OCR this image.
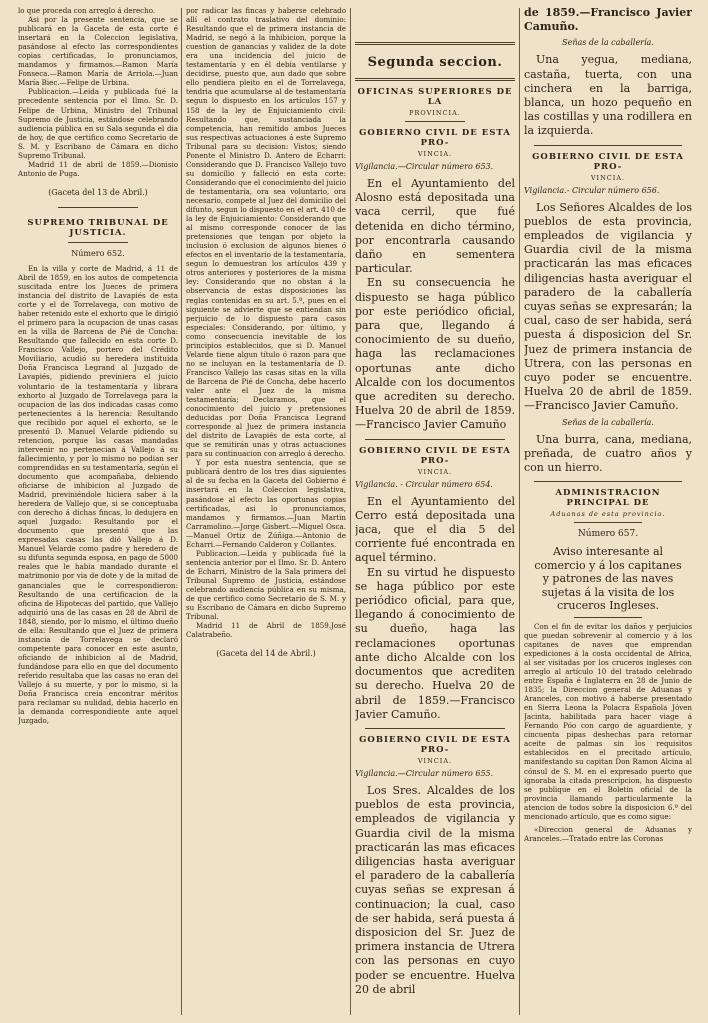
lo que proceda con arreglo á derecho.

Asi por la presente sentencia, que se publicará en la Gaceta de esta corte é insertará en la Coleccion legislativa, pasándose al efecto las correspondientes copias certificadas, lo pronunciamos, mandamos y firmamos.—Ramon María Fonseca.—Ramon María de Arriola.—Juan María Biec.—Felipe de Urbina.

Publicacion.—Leida y publicada fué la precedente sentencia por el Ilmo. Sr. D. Felipe de Urbina, Ministro del Tribunal Supremo de Justicia, estándose celebrando audiencia pública en su Sala segunda el dia de hoy, de que certifico como Secretario de S. M. y Escribano de Cámara en dicho Supremo Tribunal.

Madrid 11 de abril de 1859.—Dionisio Antonio de Puga.

(Gaceta del 13 de Abril.)
SUPREMO TRIBUNAL DE JUSTICIA.
Número 652.

En la villa y corte de Madrid, á 11 de Abril de 1859, en los autos de competencia suscitada entre los Jueces de primera instancia del distrito de Lavapiés de esta corte y el de Torrelavega, con motivo de haber retenido este el exhorto que le dirigió el primero para la ocupacion de unas casas en la villa de Barcena de Pié de Concha: Resultando que fallecido en esta corte D. Francisco Vallejo, portero del Crédito Moviliario, acudió su heredera instituida Doña Francisca Legrand al Juzgado de Lavapiés, pidiendo previniera el juicio voluntario de la testamentaría y librara exhorto al Juzgado de Torrelavega para la ocupacion de las dos indicadas casas como pertenecientes á la herencia: Resultando que recibido por aquel el exhorto, se le presentó D. Manuel Velarde pidiendo su retencion, porque las casas mandadas intervenir no pertenecian á Vallejo á su fallecimiento, y por lo mismo no podian ser comprendidas en su testamentaría, según el documento que acompañaba, debiendo oficiarse de inhibicion al Juzgado de Madrid, previniéndole hiciera saber á la heredera de Vallejo que, si se conceptuaba con derecho á dichas fincas, lo dedujera en aquel Juzgado: Resultando por el documento que presentó que las expresadas casas las dió Vallejo á D. Manuel Velarde como padre y heredero de su difunta segunda esposa, en pago de 5000 reales que le habia mandado durante el matrimonio por via de dote y de la mitad de gananciales que le correspondieron: Resultando de una certificacion de la oficina de Hipotecas del partido, que Vallejo adquirió una de las casas en 28 de Abril de 1848, siendo, por lo mismo, el último dueño de ella: Resultando que el Juez de primera instancia de Torrelavega se declaró competente para conocer en este asunto, oficiando de inhibicion al de Madrid, fundándose para ello en que del documento referido resultaba que las casas no eran del Vallejo á su muerte, y por lo mismo, si la Doña Francisca creia encontrar méritos para reclamar su nulidad, debia hacerlo en la demanda correspondiente ante aquel Juzgado,

por radicar las fincas y haberse celebrado allí el contrato traslativo del dominio: Resultando que el de primera instancia de Madrid, se negó á la inhibicion, porque la cuestion de ganancias y validez de la dote era una incidencia del juicio de testamentaría y en él debia ventilarse y decidirse, puesto que, aun dado que sobre ello pendiera pleito en el de Torrelavega, tendria que acumularse al de testamentaría segun lo dispuesto en los artículos 157 y 158 de la ley de Enjuiciamiento civil: Resultando que, sustanciada la competencia, han remitido ambos Jueces sus respectivas actuaciones á este Supremo Tribunal para su decision: Vistos; siendo Ponente el Ministro D. Antero de Echarri: Considerando que D. Francisco Vallejo tuvo su domicilio y falleció en esta corte: Considerando que el conocimiento del juicio de testamentaría, ora sea voluntario, ora necesario, compete al Juez del domicilio del difunto, segun lo dispuesto en el art. 410 de la ley de Enjuiciamiento: Considerando que al mismo corresponde conocer de las pretensiones que tengan por objeto la inclusion ó exclusion de algunos bienes ó efectos en el inventario de la testamentaría, segun lo demuestran los artículos 439 y otros anteriores y posteriores de la misma ley: Considerando que no obstan á la observancia de estas disposiciones las reglas contenidas en su art. 5.º, pues en el siguiente se advierte que se entiendan sin perjuicio de lo dispuesto para casos especiales: Considerando, por último, y como consecuencia inevitable de los principios establecidos, que si D. Manuel Velarde tiene algun título ó razon para que no se incluyan en la testamentaría de D. Francisco Vallejo las casas sitas en la villa de Barcena de Pié de Concha, debe hacerlo valer ante el Juez de la misma testamentaría; Declaramos, que el conocimiento del juicio y pretensiones deducidas por Doña Francisca Legrand corresponde al Juez de primera instancia del distrito de Lavapiés de esta corte, al que se remitirán unas y otras actuaciones para su continuacion con arreglo á derecho.

Y por esta nuestra sentencia, que se publicará dentro de los tres dias siguientes al de su fecha en la Gaceta del Gobierno é insertará en la Coleccion legislativa, pasándose al efecto las oportunas copias certificadas, asi lo pronunciamos, mandamos y firmamos.—Juan Martin Carramolino.—Jorge Gisbert.—Miguel Osca.—Manuel Ortiz de Zúñiga.—Antonio de Echarri.—Fernando Calderon y Collantes.

Publicacion.—Leida y publicada fué la sentencia anterior por el Ilmo. Sr. D. Antero de Echarri, Ministro de la Sala primera del Tribunal Supremo de Justicia, estándose celebrando audiencia pública en su misma, de que certifico como Secretario de S. M. y su Escribano de Cámara en dicho Supremo Tribunal.

Madrid 11 de Abril de 1859.José Calatrabeño.

(Gaceta del 14 de Abril.)
Segunda seccion.
OFICINAS SUPERIORES DE LA
PROVINCIA.
GOBIERNO CIVIL DE ESTA PRO-
VINCIA.
Vigilancia.—Circular número 653.

En el Ayuntamiento del Alosno está depositada una vaca cerril, que fué detenida en dicho término, por encontrarla causando daño en sementera particular.

En su consecuencia he dispuesto se haga público por este periódico oficial, para que, llegando á conocimiento de su dueño, haga las reclamaciones oportunas ante dicho Alcalde con los documentos que acrediten su derecho. Huelva 20 de abril de 1859.—Francisco Javier Camuño

GOBIERNO CIVIL DE ESTA PRO-
VINCIA.
Vigilancia. - Circular número 654.

En el Ayuntamiento del Cerro está depositada una jaca, que el dia 5 del corriente fué encontrada en aquel término.

En su virtud he dispuesto se haga público por este periódico oficial, para que, llegando á conocimiento de su dueño, haga las reclamaciones oportunas ante dicho Alcalde con los documentos que acrediten su derecho. Huelva 20 de abril de 1859.—Francisco Javier Camuño.

GOBIERNO CIVIL DE ESTA PRO-
VINCIA.
Vigilancia.—Circular número 655.

Los Sres. Alcaldes de los pueblos de esta provincia, empleados de vigilancia y Guardia civil de la misma practicarán las mas eficaces diligencias hasta averiguar el paradero de la caballería cuyas señas se expresan á continuacion; la cual, caso de ser habida, será puesta á disposicion del Sr. Juez de primera instancia de Utrera con las personas en cuyo poder se encuentre. Huelva 20 de abril

de 1859.—Francisco Javier Camuño.

Señas de la caballería.

Una yegua, mediana, castaña, tuerta, con una cinchera en la barriga, blanca, un hozo pequeño en las costillas y una rodillera en la izquierda.

GOBIERNO CIVIL DE ESTA PRO-
VINCIA.
Vigilancia.- Circular número 656.

Los Señores Alcaldes de los pueblos de esta provincia, empleados de vigilancia y Guardia civil de la misma practicarán las mas eficaces diligencias hasta averiguar el paradero de la caballería cuyas señas se expresarán; la cual, caso de ser habida, será puesta á disposicion del Sr. Juez de primera instancia de Utrera, con las personas en cuyo poder se encuentre. Huelva 20 de abril de 1859. —Francisco Javier Camuño.

Señas de la caballería.

Una burra, cana, mediana, preñada, de cuatro años y con un hierro.

ADMINISTRACION PRINCIPAL DE
Aduanas de esta provincia.
Número 657.
Aviso interesante al comercio y á los capitanes y patrones de las naves sujetas á la visita de los cruceros Ingleses.
Con el fin de evitar los daños y perjuicios que puedan sobrevenir al comercio y á los capitanes de naves que emprendan expediciones á la costa occidental de Africa, al ser visitadas por los cruceros ingleses con arreglo al artículo 10 del tratado celebrado entre España é Inglaterra en 28 de Junio de 1835; la Direccion general de Aduanas y Aranceles, con motivo á haberse presentado en Sierra Leona la Polacra Española Jóven Jacinta, habilitada para hacer viage á Fernando Póo con cargo de aguardiente, y cincuenta pipas deshechas para retornar aceite de palmas sin los requisitos establecidos en el precitado artículo, manifestando su capitan Don Ramon Alcina al cónsul de S. M. en el expresado puerto que ignoraba la citada prescripcion, ha dispuesto se publique en el Boletin oficial de la provincia llamando particularmente la atencion de todos sobre la disposicion 6.ª del mencionado artículo, que es como sigue:
«Direccion general de Aduanas y Aranceles.—Tratado entre las Coronas
